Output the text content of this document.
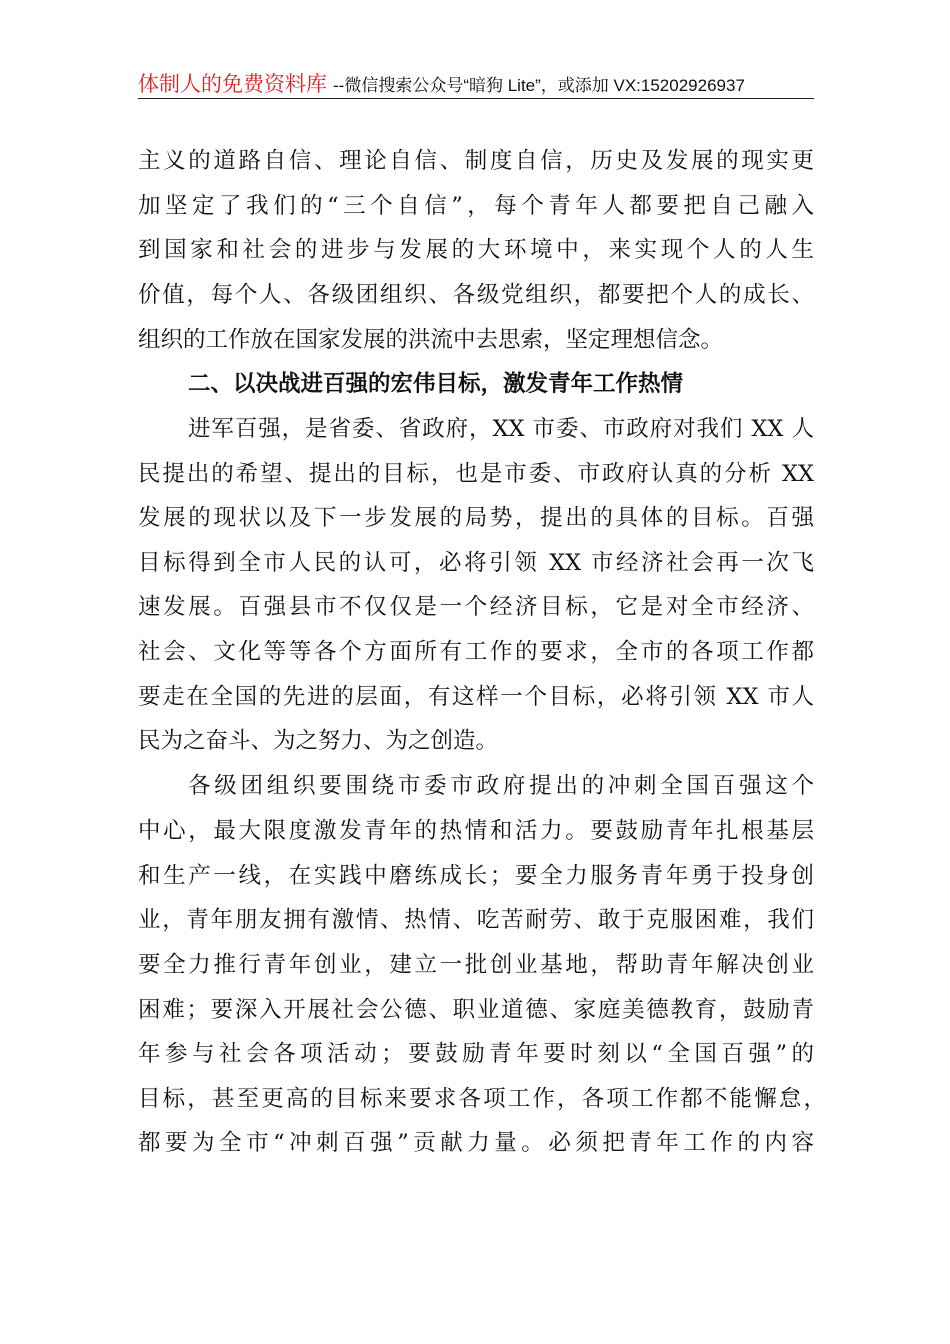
体制人的免费资料库 --微信搜索公众号“暗狗 Lite”，或添加 VX:15202926937
主义的道路自信、理论自信、制度自信，历史及发展的现实更
加坚定了我们的“三个自信”，每个青年人都要把自己融入
到国家和社会的进步与发展的大环境中，来实现个人的人生
价值，每个人、各级团组织、各级党组织，都要把个人的成长、
组织的工作放在国家发展的洪流中去思索，坚定理想信念。
二、以决战进百强的宏伟目标，激发青年工作热情
进军百强，是省委、省政府，XX 市委、市政府对我们 XX 人
民提出的希望、提出的目标，也是市委、市政府认真的分析 XX
发展的现状以及下一步发展的局势，提出的具体的目标。百强
目标得到全市人民的认可，必将引领 XX 市经济社会再一次飞
速发展。百强县市不仅仅是一个经济目标，它是对全市经济、
社会、文化等等各个方面所有工作的要求，全市的各项工作都
要走在全国的先进的层面，有这样一个目标，必将引领 XX 市人
民为之奋斗、为之努力、为之创造。
各级团组织要围绕市委市政府提出的冲刺全国百强这个
中心，最大限度激发青年的热情和活力。要鼓励青年扎根基层
和生产一线，在实践中磨练成长；要全力服务青年勇于投身创
业，青年朋友拥有激情、热情、吃苦耐劳、敢于克服困难，我们
要全力推行青年创业，建立一批创业基地，帮助青年解决创业
困难；要深入开展社会公德、职业道德、家庭美德教育，鼓励青
年参与社会各项活动；要鼓励青年要时刻以“全国百强”的
目标，甚至更高的目标来要求各项工作，各项工作都不能懈怠，
都要为全市“冲刺百强”贡献力量。必须把青年工作的内容
